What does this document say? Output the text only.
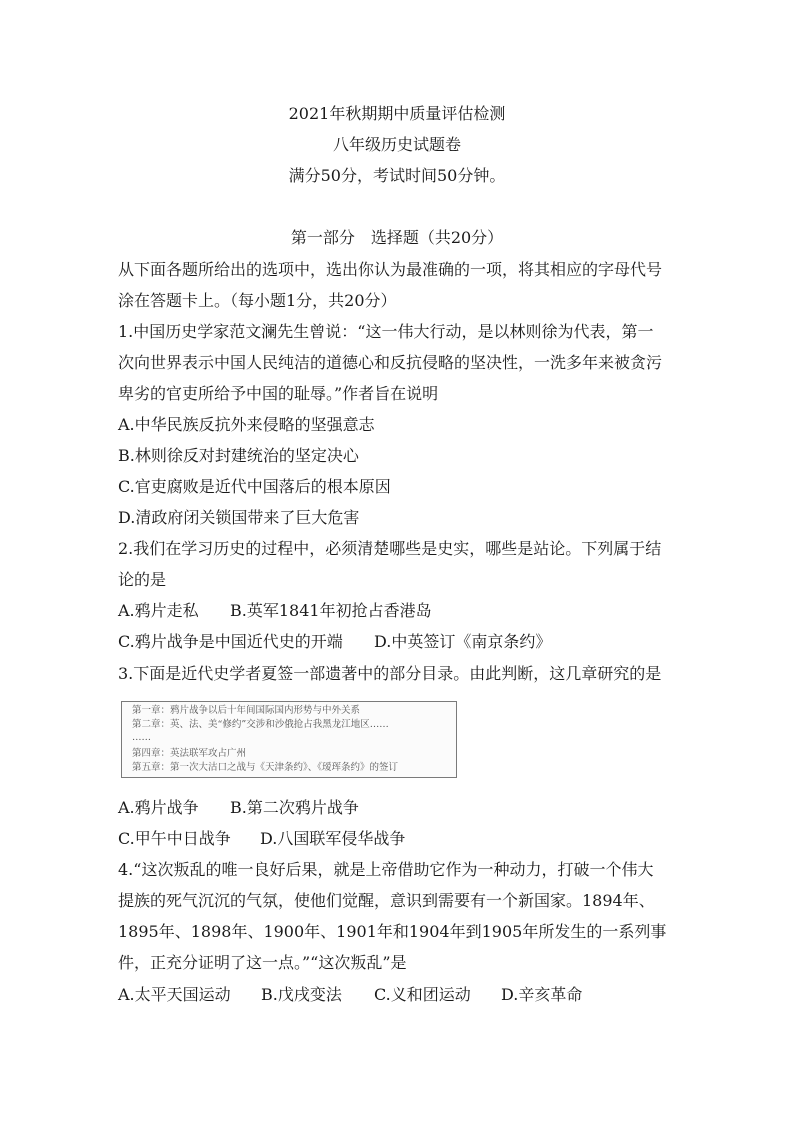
2021年秋期期中质量评估检测
八年级历史试题卷
满分50分，考试时间50分钟。
第一部分　选择题（共20分）
从下面各题所给出的选项中，选出你认为最准确的一项，将其相应的字母代号
涂在答题卡上。（每小题1分，共20分）
1.中国历史学家范文澜先生曾说：“这一伟大行动，是以林则徐为代表，第一
次向世界表示中国人民纯洁的道德心和反抗侵略的坚决性，一洗多年来被贪污
卑劣的官吏所给予中国的耻辱。”作者旨在说明
A.中华民族反抗外来侵略的坚强意志
B.林则徐反对封建统治的坚定决心
C.官吏腐败是近代中国落后的根本原因
D.清政府闭关锁国带来了巨大危害
2.我们在学习历史的过程中，必须清楚哪些是史实，哪些是站论。下列属于结
论的是
A.鸦片走私 B.英军1841年初抢占香港岛
C.鸦片战争是中国近代史的开端 D.中英签订《南京条约》
3.下面是近代史学者夏签一部遗著中的部分目录。由此判断，这几章研究的是
第一章：鸦片战争以后十年间国际国内形势与中外关系
第二章：英、法、美“修约”交涉和沙俄抢占我黑龙江地区……
……
第四章：英法联军攻占广州
第五章：第一次大沽口之战与《天津条约》、《瑷珲条约》的签订
A.鸦片战争 B.第二次鸦片战争
C.甲午中日战争 D.八国联军侵华战争
4.“这次叛乱的唯一良好后果，就是上帝借助它作为一种动力，打破一个伟大
提族的死气沉沉的气氛，使他们觉醒，意识到需要有一个新国家。1894年、
1895年、1898年、1900年、1901年和1904年到1905年所发生的一系列事
件，正充分证明了这一点。”“这次叛乱”是
A.太平天国运动 B.戊戌变法 C.义和团运动 D.辛亥革命
